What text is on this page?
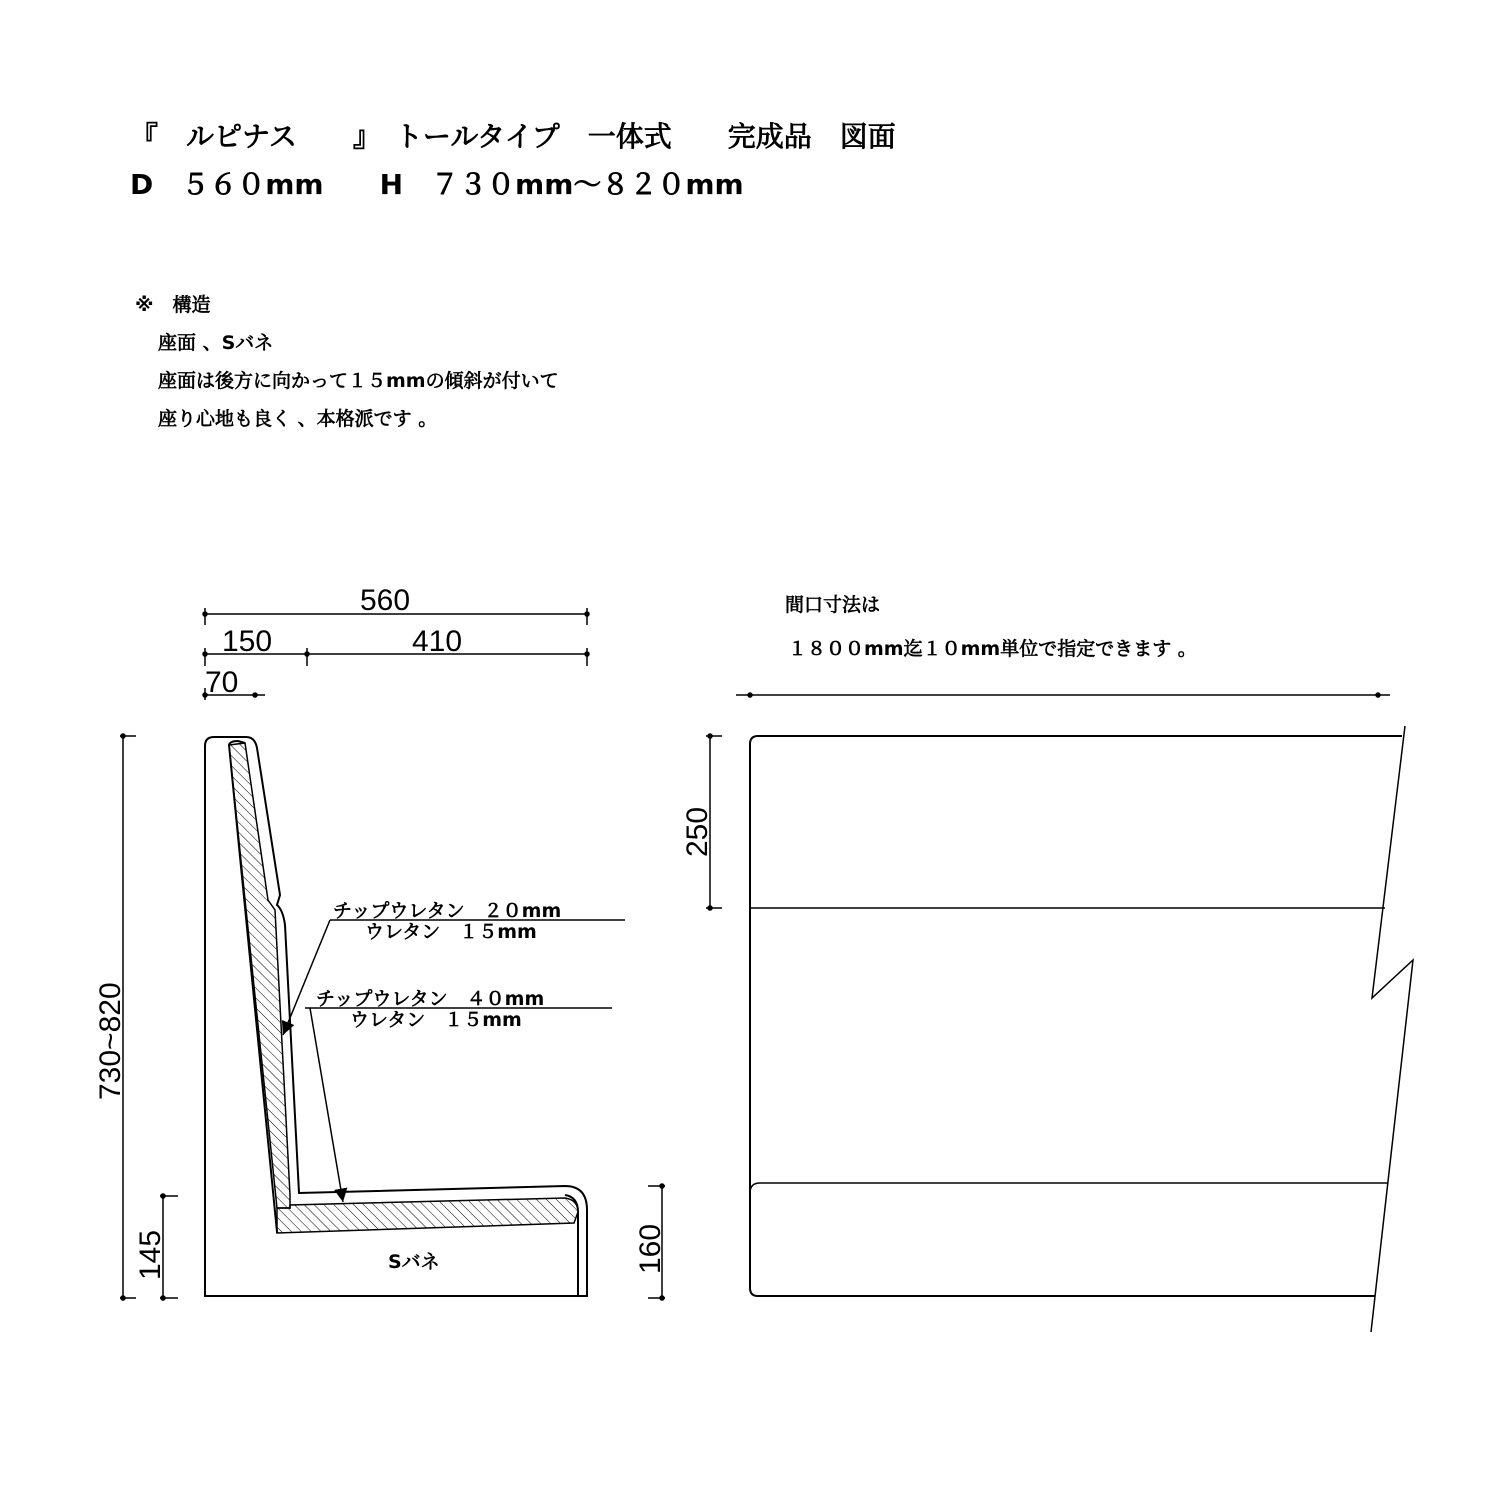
『　ルピナス　　』　トールタイプ　一体式　　完成品　図面
D　５６０mm　　H　７３０mm～８２０mm
※　構造
座面 、Sバネ
座面は後方に向かって１５mmの傾斜が付いて
座り心地も良く 、本格派です 。
間口寸法は
１８００mm迄１０mm単位で指定できます 。
560
150	410
70
730~820
145	160
チップウレタン　２０mm
ウレタン　１５mm
チップウレタン　４０mm
ウレタン　１５mm
Sバネ
250
